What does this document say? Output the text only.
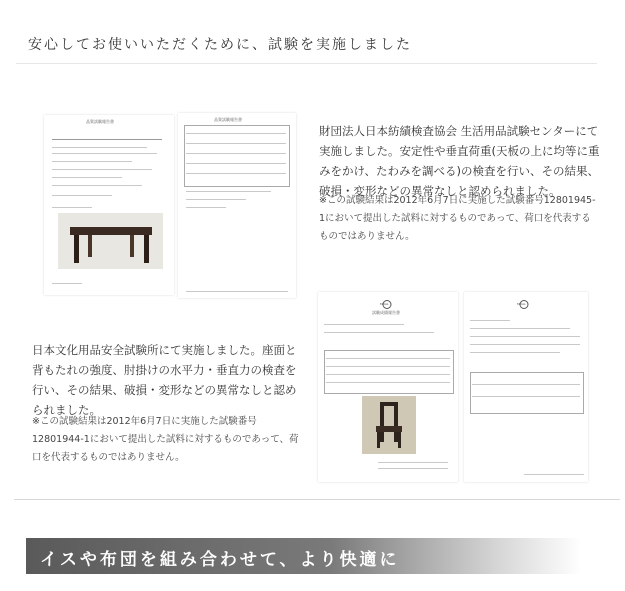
安心してお使いいただくために、試験を実施しました
品質試験報告書	品質試験報告書
財団法人日本紡績検査協会 生活用品試験センターにて実施しました。安定性や垂直荷重(天板の上に均等に重みをかけ、たわみを調べる)の検査を行い、その結果、破損・変形などの異常なしと認められました。
※この試験結果は2012年6月7日に実施した試験番号12801945-1において提出した試料に対するものであって、荷口を代表するものではありません。
日本文化用品安全試験所にて実施しました。座面と背もたれの強度、肘掛けの水平力・垂直力の検査を行い、その結果、破損・変形などの異常なしと認められました。
※この試験結果は2012年6月7日に実施した試験番号12801944-1において提出した試料に対するものであって、荷口を代表するものではありません。
MOAL
試験成績報告書
MOAL
イスや布団を組み合わせて、より快適に
